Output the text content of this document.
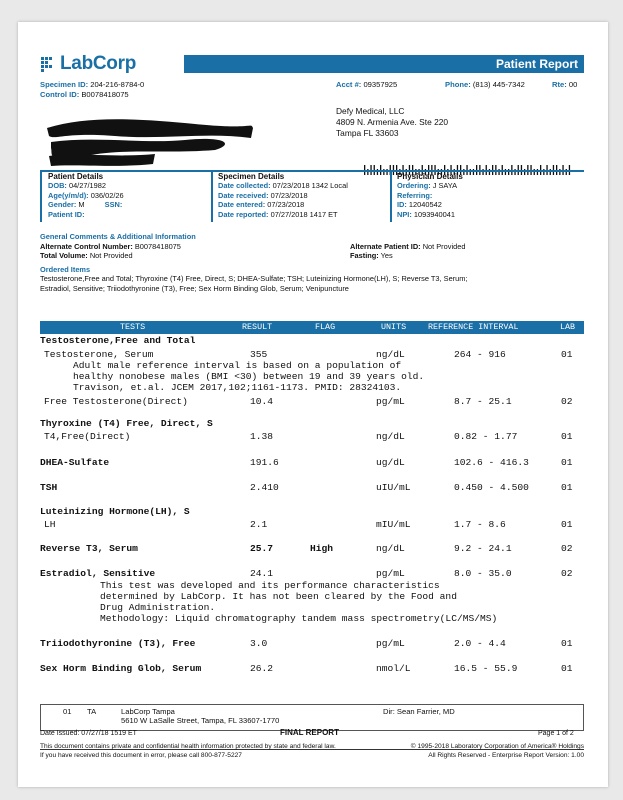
LabCorp	Patient Report
Specimen ID: 204-216-8784-0
Control ID: B0078418075
Acct #: 09357925	Phone: (813) 445-7342	Rte: 00
Defy Medical, LLC
4809 N. Armenia Ave. Ste 220
Tampa FL 33603
Patient Details
DOB: 04/27/1982
Age(y/m/d): 036/02/26
Gender: M	SSN:
Patient ID:
Specimen Details
Date collected: 07/23/2018 1342 Local
Date received: 07/23/2018
Date entered: 07/23/2018
Date reported: 07/27/2018 1417 ET
Physician Details
Ordering: J SAYA
Referring:
ID: 12040542
NPI: 1093940041
General Comments & Additional Information
Alternate Control Number: B0078418075	Alternate Patient ID: Not Provided
Total Volume: Not Provided	Fasting: Yes
Ordered Items
Testosterone,Free and Total; Thyroxine (T4) Free, Direct, S; DHEA-Sulfate; TSH; Luteinizing Hormone(LH), S; Reverse T3, Serum;
Estradiol, Sensitive; Triiodothyronine (T3), Free; Sex Horm Binding Glob, Serum; Venipuncture
TESTS	RESULT	FLAG	UNITS	REFERENCE INTERVAL	LAB
Testosterone,Free and Total
Testosterone, Serum	355	ng/dL	264 - 916	01
Adult male reference interval is based on a population of
healthy nonobese males (BMI <30) between 19 and 39 years old.
Travison, et.al. JCEM 2017,102;1161-1173. PMID: 28324103.
Free Testosterone(Direct)	10.4	pg/mL	8.7 - 25.1	02
Thyroxine (T4) Free, Direct, S
T4,Free(Direct)	1.38	ng/dL	0.82 - 1.77	01
DHEA-Sulfate	191.6	ug/dL	102.6 - 416.3	01
TSH	2.410	uIU/mL	0.450 - 4.500	01
Luteinizing Hormone(LH), S
LH	2.1	mIU/mL	1.7 - 8.6	01
Reverse T3, Serum	25.7	High	ng/dL	9.2 - 24.1	02
Estradiol, Sensitive	24.1	pg/mL	8.0 - 35.0	02
This test was developed and its performance characteristics
determined by LabCorp. It has not been cleared by the Food and
Drug Administration.
Methodology: Liquid chromatography tandem mass spectrometry(LC/MS/MS)
Triiodothyronine (T3), Free	3.0	pg/mL	2.0 - 4.4	01
Sex Horm Binding Glob, Serum	26.2	nmol/L	16.5 - 55.9	01
01 TA	LabCorp Tampa
5610 W LaSalle Street, Tampa, FL 33607-1770
Dir: Sean Farrier, MD
Date Issued: 07/27/18 1519 ET	FINAL REPORT	Page 1 of 2
This document contains private and confidential health information protected by state and federal law.
If you have received this document in error, please call 800-877-5227
© 1995-2018 Laboratory Corporation of America® Holdings
All Rights Reserved - Enterprise Report Version: 1.00
